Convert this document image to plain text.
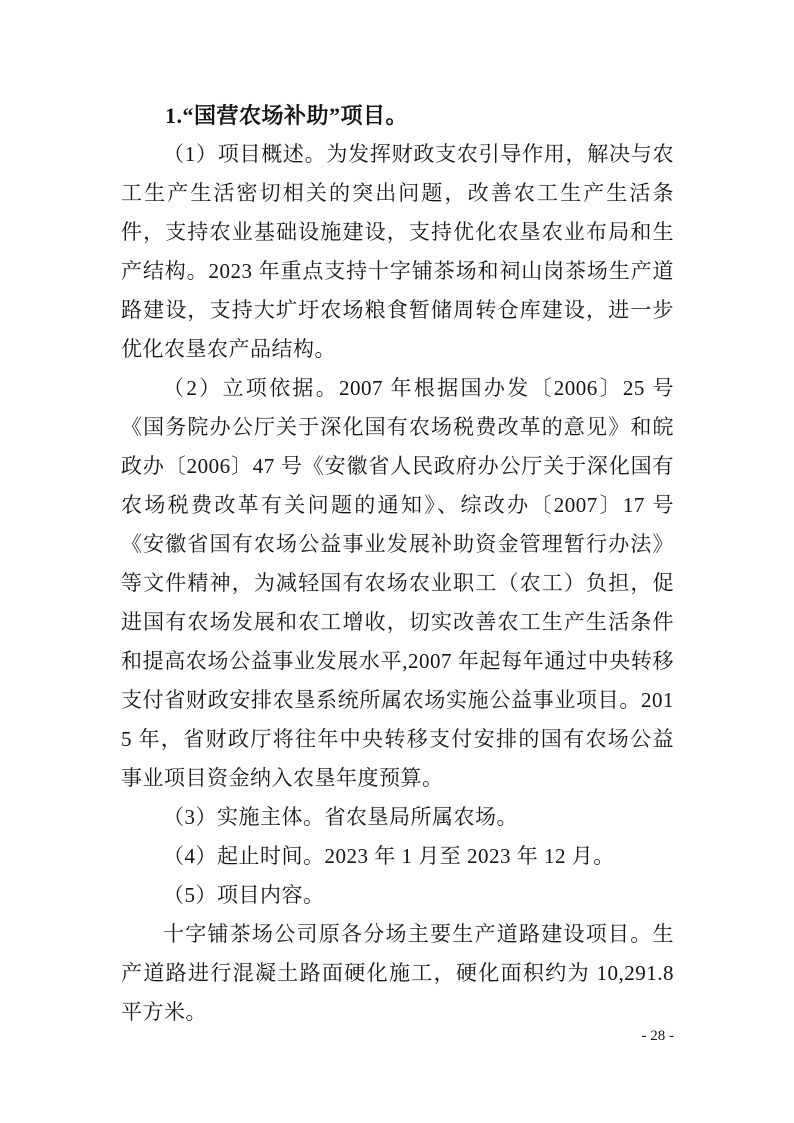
1.“国营农场补助”项目。

（1）项目概述。为发挥财政支农引导作用，解决与农工生产生活密切相关的突出问题，改善农工生产生活条件，支持农业基础设施建设，支持优化农垦农业布局和生产结构。2023 年重点支持十字铺茶场和祠山岗茶场生产道路建设，支持大圹圩农场粮食暂储周转仓库建设，进一步优化农垦农产品结构。

（2）立项依据。2007 年根据国办发〔2006〕25 号《国务院办公厅关于深化国有农场税费改革的意见》和皖政办〔2006〕47 号《安徽省人民政府办公厅关于深化国有农场税费改革有关问题的通知》、综改办〔2007〕17 号《安徽省国有农场公益事业发展补助资金管理暂行办法》等文件精神，为减轻国有农场农业职工（农工）负担，促进国有农场发展和农工增收，切实改善农工生产生活条件和提高农场公益事业发展水平,2007 年起每年通过中央转移支付省财政安排农垦系统所属农场实施公益事业项目。2015 年，省财政厅将往年中央转移支付安排的国有农场公益事业项目资金纳入农垦年度预算。

（3）实施主体。省农垦局所属农场。

（4）起止时间。2023 年 1 月至 2023 年 12 月。

（5）项目内容。

十字铺茶场公司原各分场主要生产道路建设项目。生产道路进行混凝土路面硬化施工，硬化面积约为 10,291.8 平方米。

- 28 -
